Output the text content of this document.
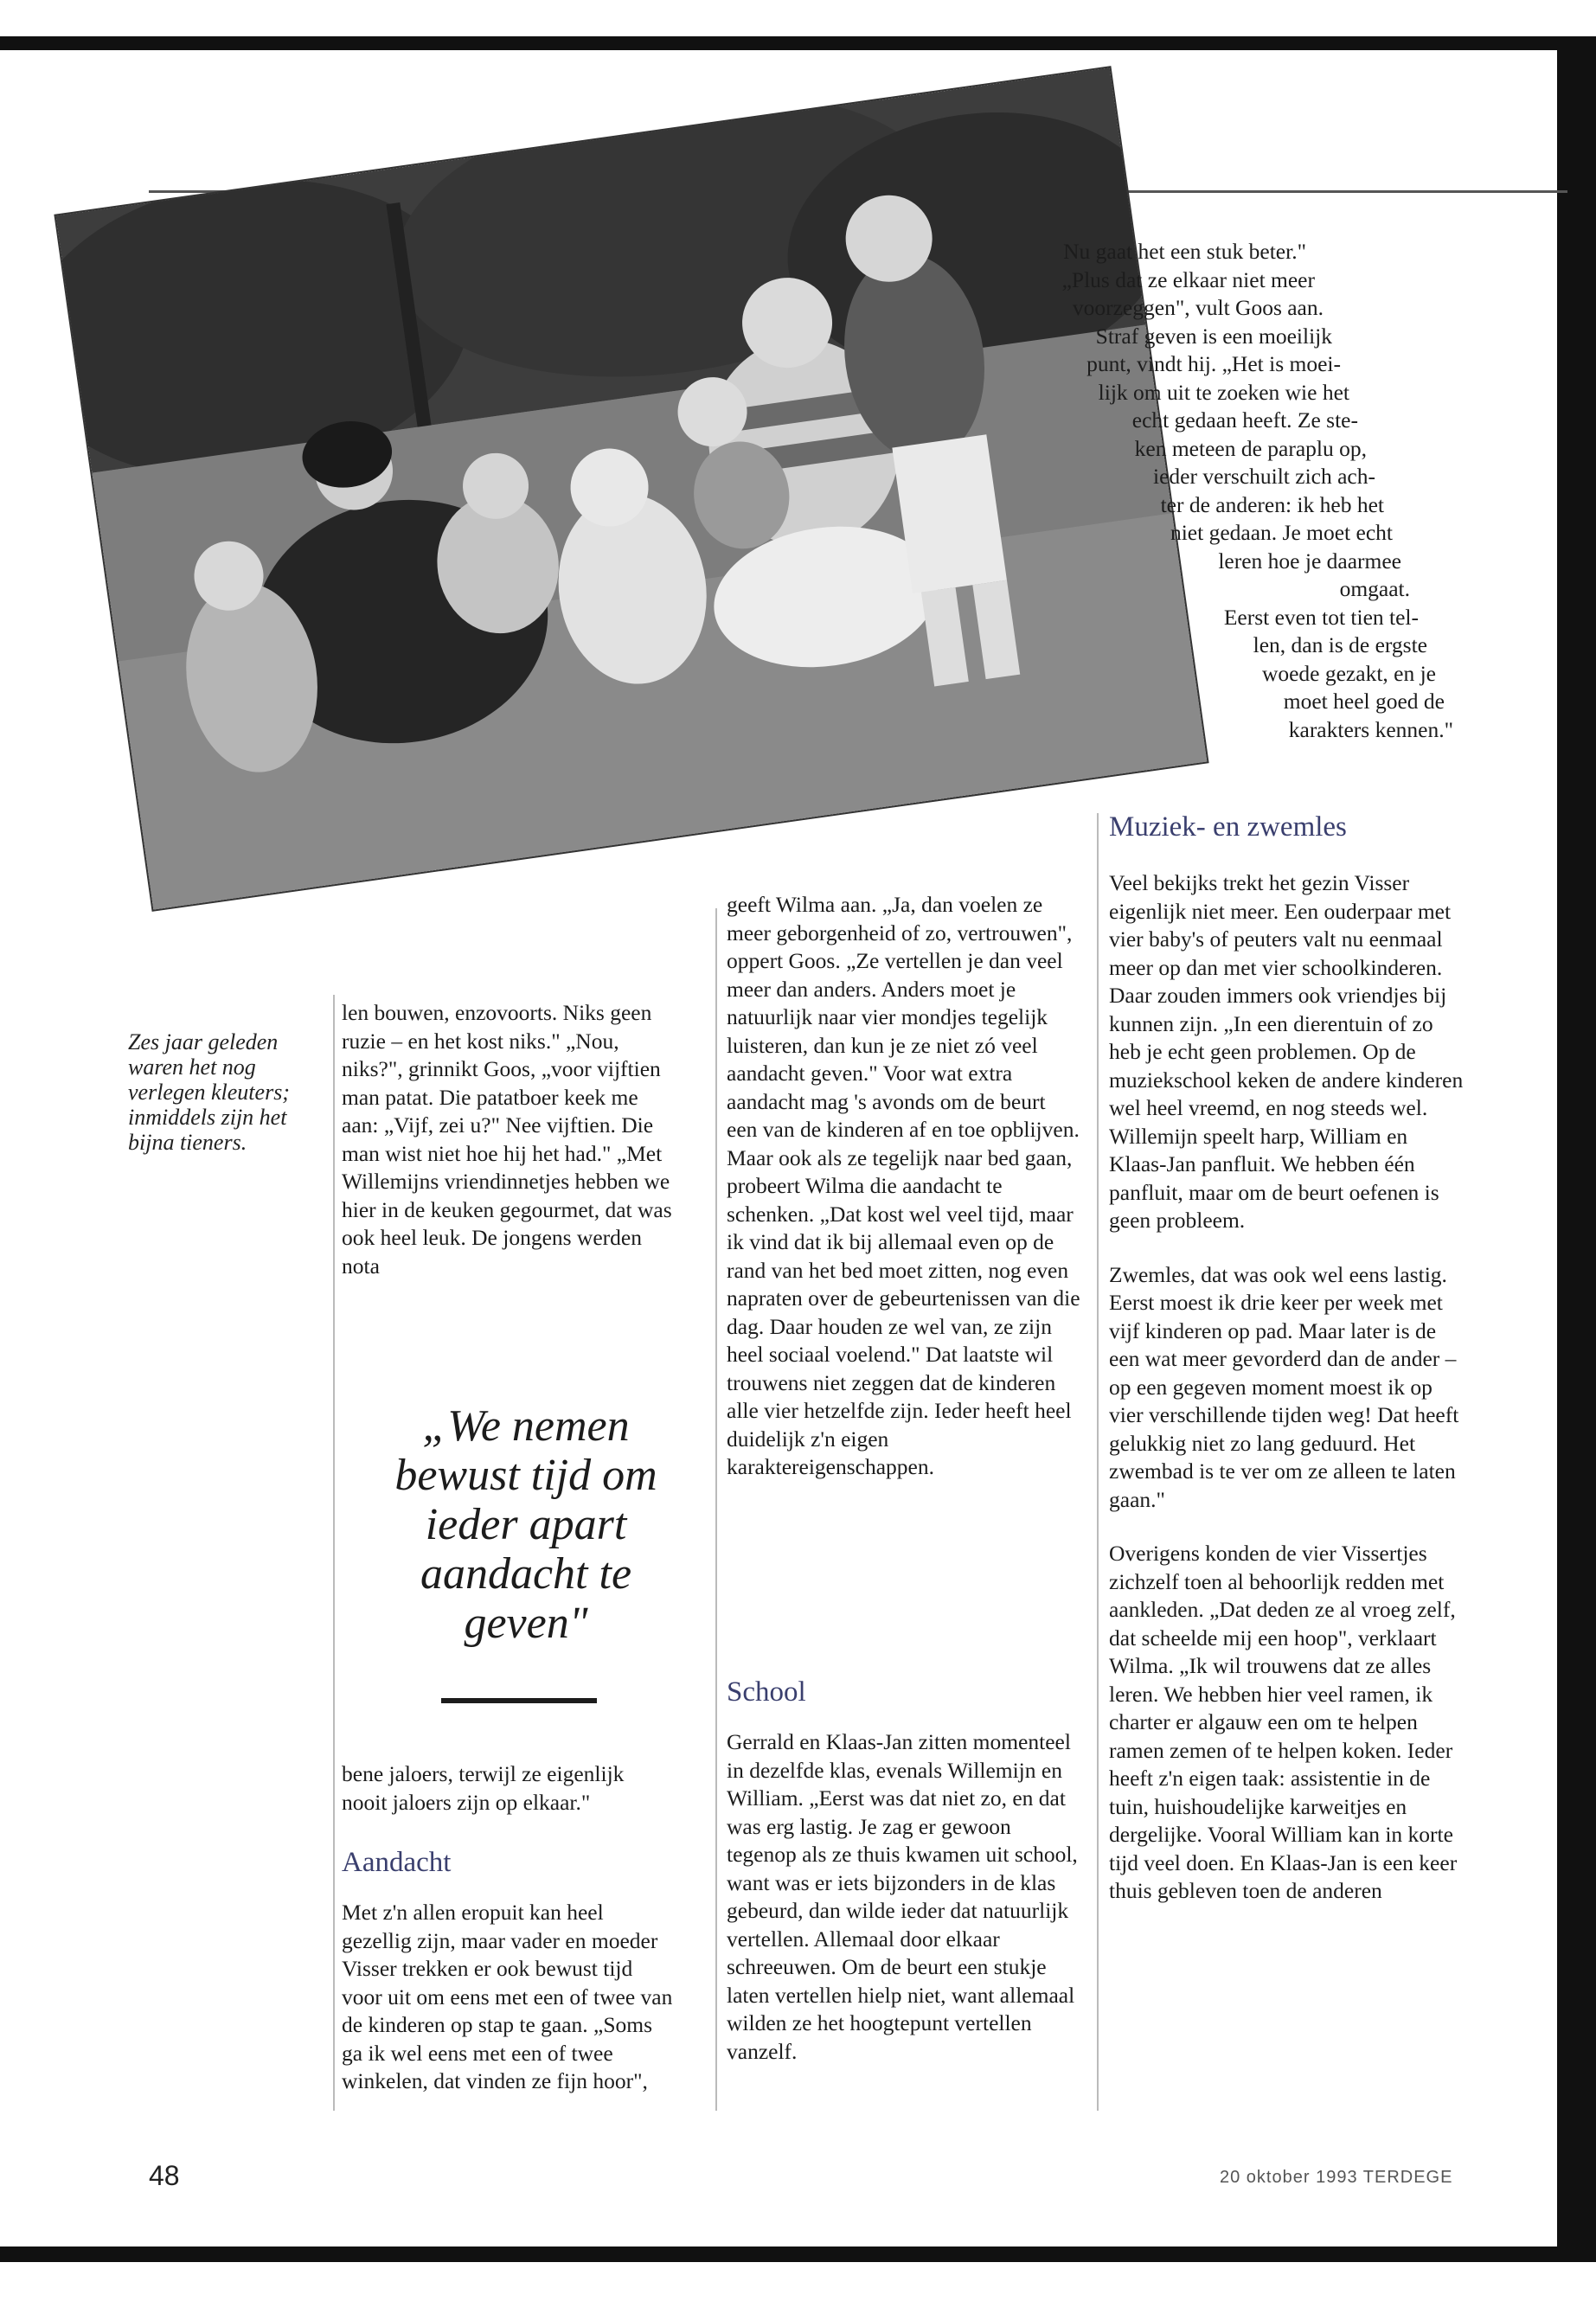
Nu gaat het een stuk beter."
„Plus dat ze elkaar niet meer
voorzeggen", vult Goos aan.
Straf geven is een moeilijk
punt, vindt hij. „Het is moei-
lijk om uit te zoeken wie het
echt gedaan heeft. Ze ste-
ken meteen de paraplu op,
ieder verschuilt zich ach-
ter de anderen: ik heb het
niet gedaan. Je moet echt
leren hoe je daarmee
omgaat.
Eerst even tot tien tel-
len, dan is de ergste
woede gezakt, en je
moet heel goed de
karakters kennen."
Zes jaar geleden waren het nog verlegen kleuters; inmiddels zijn het bijna tieners.

len bouwen, enzovoorts. Niks geen ruzie – en het kost niks." „Nou, niks?", grinnikt Goos, „voor vijftien man patat. Die patatboer keek me aan: „Vijf, zei u?" Nee vijftien. Die man wist niet hoe hij het had." „Met Willemijns vriendinnetjes hebben we hier in de keuken gegourmet, dat was ook heel leuk. De jongens werden nota

„We nemen bewust tijd om ieder apart aandacht te geven"

bene jaloers, terwijl ze eigenlijk nooit jaloers zijn op elkaar."

Aandacht

Met z'n allen eropuit kan heel gezellig zijn, maar vader en moeder Visser trekken er ook bewust tijd voor uit om eens met een of twee van de kinderen op stap te gaan. „Soms ga ik wel eens met een of twee winkelen, dat vinden ze fijn hoor",

geeft Wilma aan. „Ja, dan voelen ze meer geborgenheid of zo, vertrouwen", oppert Goos. „Ze vertellen je dan veel meer dan anders. Anders moet je natuurlijk naar vier mondjes tegelijk luisteren, dan kun je ze niet zó veel aandacht geven." Voor wat extra aandacht mag 's avonds om de beurt een van de kinderen af en toe opblijven. Maar ook als ze tegelijk naar bed gaan, probeert Wilma die aandacht te schenken. „Dat kost wel veel tijd, maar ik vind dat ik bij allemaal even op de rand van het bed moet zitten, nog even napraten over de gebeurtenissen van die dag. Daar houden ze wel van, ze zijn heel sociaal voelend." Dat laatste wil trouwens niet zeggen dat de kinderen alle vier hetzelfde zijn. Ieder heeft heel duidelijk z'n eigen karaktereigenschappen.

School

Gerrald en Klaas-Jan zitten momenteel in dezelfde klas, evenals Willemijn en William. „Eerst was dat niet zo, en dat was erg lastig. Je zag er gewoon tegenop als ze thuis kwamen uit school, want was er iets bijzonders in de klas gebeurd, dan wilde ieder dat natuurlijk vertellen. Allemaal door elkaar schreeuwen. Om de beurt een stukje laten vertellen hielp niet, want allemaal wilden ze het hoogtepunt vertellen vanzelf.

Muziek- en zwemles

Veel bekijks trekt het gezin Visser eigenlijk niet meer. Een ouderpaar met vier baby's of peuters valt nu eenmaal meer op dan met vier schoolkinderen. Daar zouden immers ook vriendjes bij kunnen zijn. „In een dierentuin of zo heb je echt geen problemen. Op de muziekschool keken de andere kinderen wel heel vreemd, en nog steeds wel. Willemijn speelt harp, William en Klaas-Jan panfluit. We hebben één panfluit, maar om de beurt oefenen is geen probleem.

Zwemles, dat was ook wel eens lastig. Eerst moest ik drie keer per week met vijf kinderen op pad. Maar later is de een wat meer gevorderd dan de ander – op een gegeven moment moest ik op vier verschillende tijden weg! Dat heeft gelukkig niet zo lang geduurd. Het zwembad is te ver om ze alleen te laten gaan."

Overigens konden de vier Vissertjes zichzelf toen al behoorlijk redden met aankleden. „Dat deden ze al vroeg zelf, dat scheelde mij een hoop", verklaart Wilma. „Ik wil trouwens dat ze alles leren. We hebben hier veel ramen, ik charter er algauw een om te helpen ramen zemen of te helpen koken. Ieder heeft z'n eigen taak: assistentie in de tuin, huishoudelijke karweitjes en dergelijke. Vooral William kan in korte tijd veel doen. En Klaas-Jan is een keer thuis gebleven toen de anderen

48	20 oktober 1993 TERDEGE
